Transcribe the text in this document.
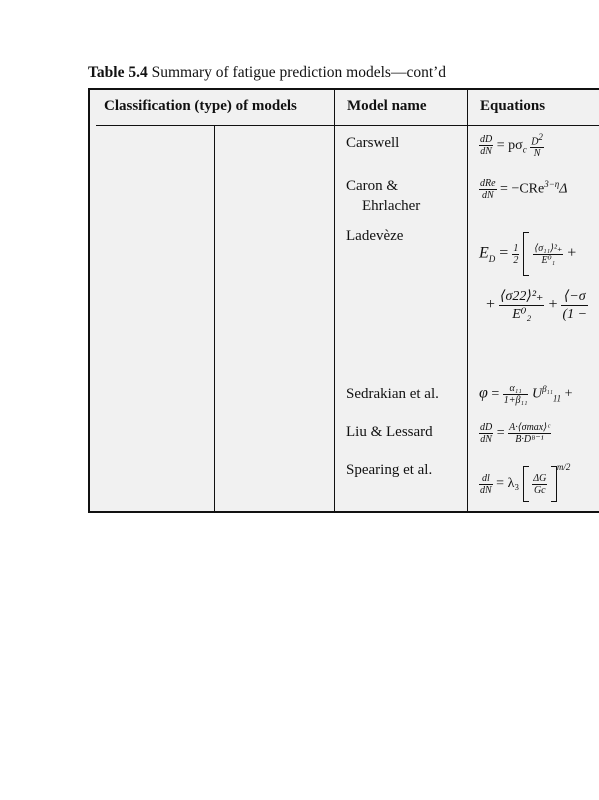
Table 5.4 Summary of fatigue prediction models—cont’d
Classification (type) of models	Model name	Equations
Carswell
Caron &
Ehrlacher
Ladevèze
Sedrakian et al.
Liu & Lessard
Spearing et al.
$\frac{dD}{dN} = p\sigma_c \frac{D^2}{N}$
$\frac{\text{dRe}}{dN} = -CRe^{3-\eta}\Delta$
$E_D = \frac{1}{2}$
$\frac{\text{⟨σ₁₁⟩²₊}}{\text{E⁰₁}}$ +
+ $\frac{\text{⟨σ22⟩²₊}}{\text{E⁰₂}} + \frac{⟨-\sigma}{(1 -}$
$\varphi = \frac{\text{α₁₁}}{\text{1+β₁₁}} U^{\beta_{11}}_{11}$ +
$\frac{dD}{dN} = \frac{\text{A·⟨σmax⟩ᶜ}}{\text{B·Dᴮ⁻¹}}$
$\frac{dl}{dN} = \lambda_3 \frac{\Delta G}{Gc}$
$^{m/2}$
